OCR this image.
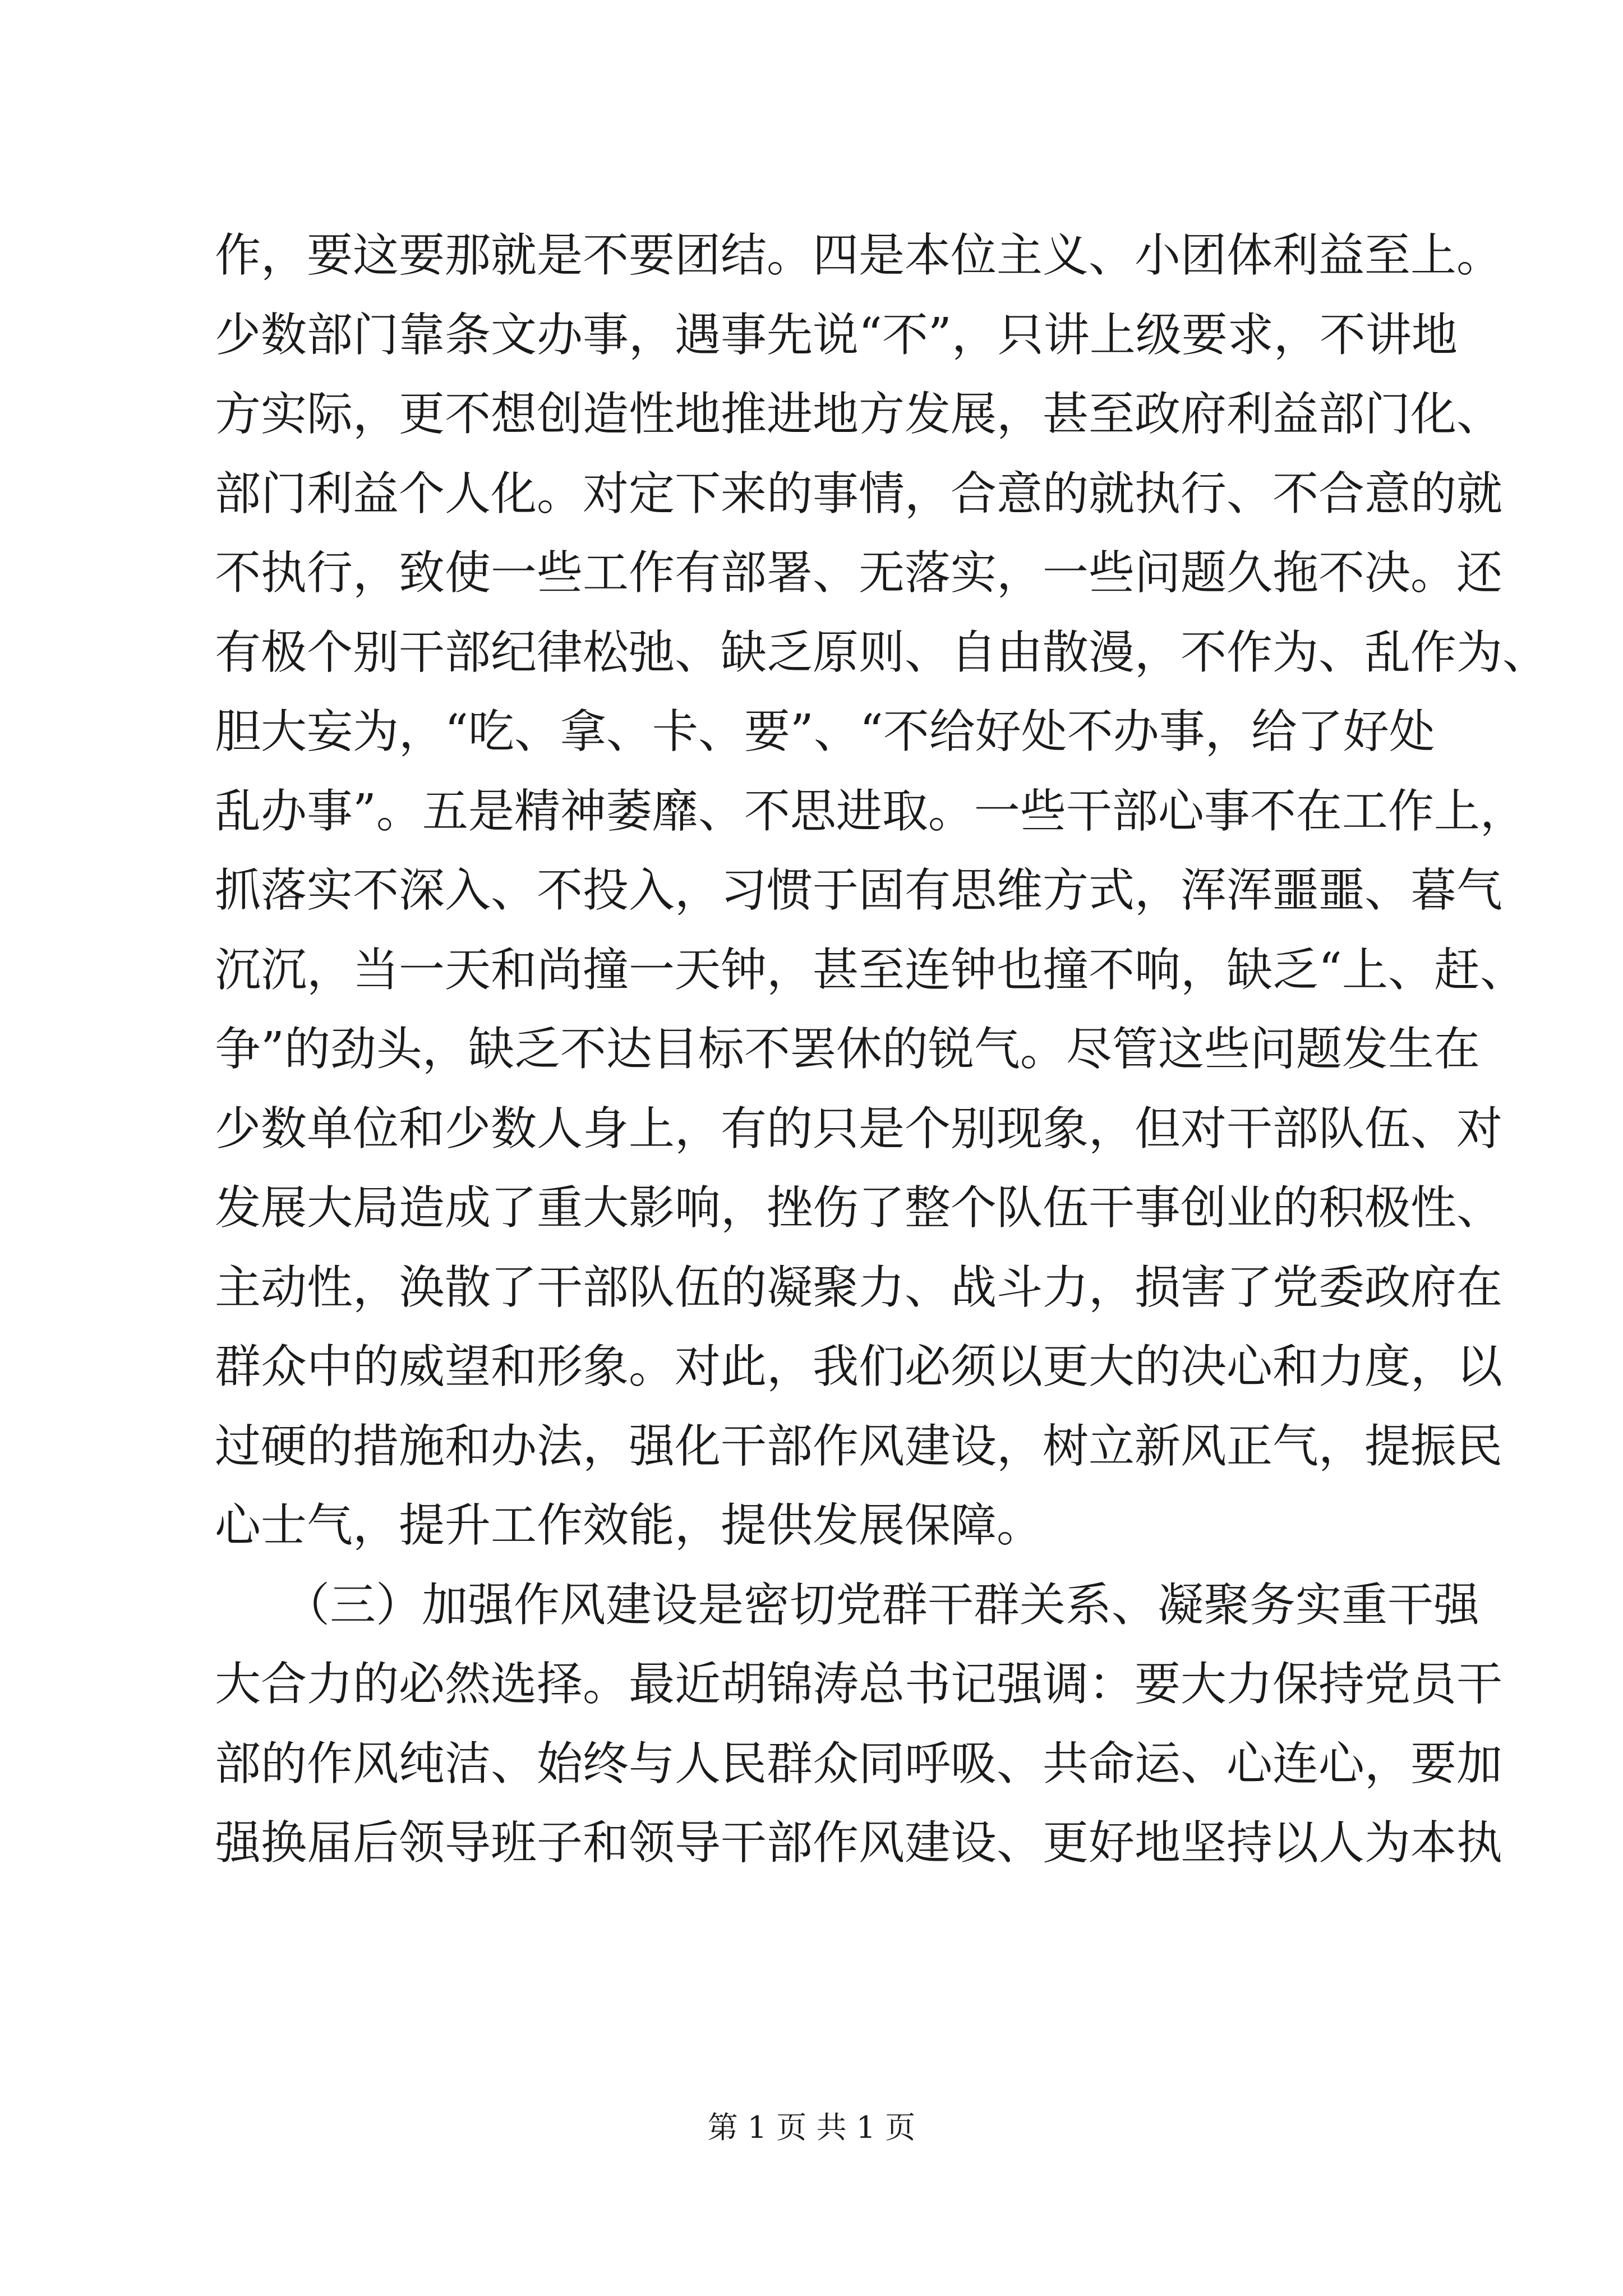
作，要这要那就是不要团结。四是本位主义、小团体利益至上。
少数部门靠条文办事，遇事先说“不”，只讲上级要求，不讲地
方实际，更不想创造性地推进地方发展，甚至政府利益部门化、
部门利益个人化。对定下来的事情，合意的就执行、不合意的就
不执行，致使一些工作有部署、无落实，一些问题久拖不决。还
有极个别干部纪律松弛、缺乏原则、自由散漫，不作为、乱作为、
胆大妄为，“吃、拿、卡、要”、“不给好处不办事，给了好处
乱办事”。五是精神萎靡、不思进取。一些干部心事不在工作上，
抓落实不深入、不投入，习惯于固有思维方式，浑浑噩噩、暮气
沉沉，当一天和尚撞一天钟，甚至连钟也撞不响，缺乏“上、赶、
争”的劲头，缺乏不达目标不罢休的锐气。尽管这些问题发生在
少数单位和少数人身上，有的只是个别现象，但对干部队伍、对
发展大局造成了重大影响，挫伤了整个队伍干事创业的积极性、
主动性，涣散了干部队伍的凝聚力、战斗力，损害了党委政府在
群众中的威望和形象。对此，我们必须以更大的决心和力度，以
过硬的措施和办法，强化干部作风建设，树立新风正气，提振民
心士气，提升工作效能，提供发展保障。
　　（三）加强作风建设是密切党群干群关系、凝聚务实重干强
大合力的必然选择。最近胡锦涛总书记强调：要大力保持党员干
部的作风纯洁、始终与人民群众同呼吸、共命运、心连心，要加
强换届后领导班子和领导干部作风建设、更好地坚持以人为本执
第 1 页 共 1 页
